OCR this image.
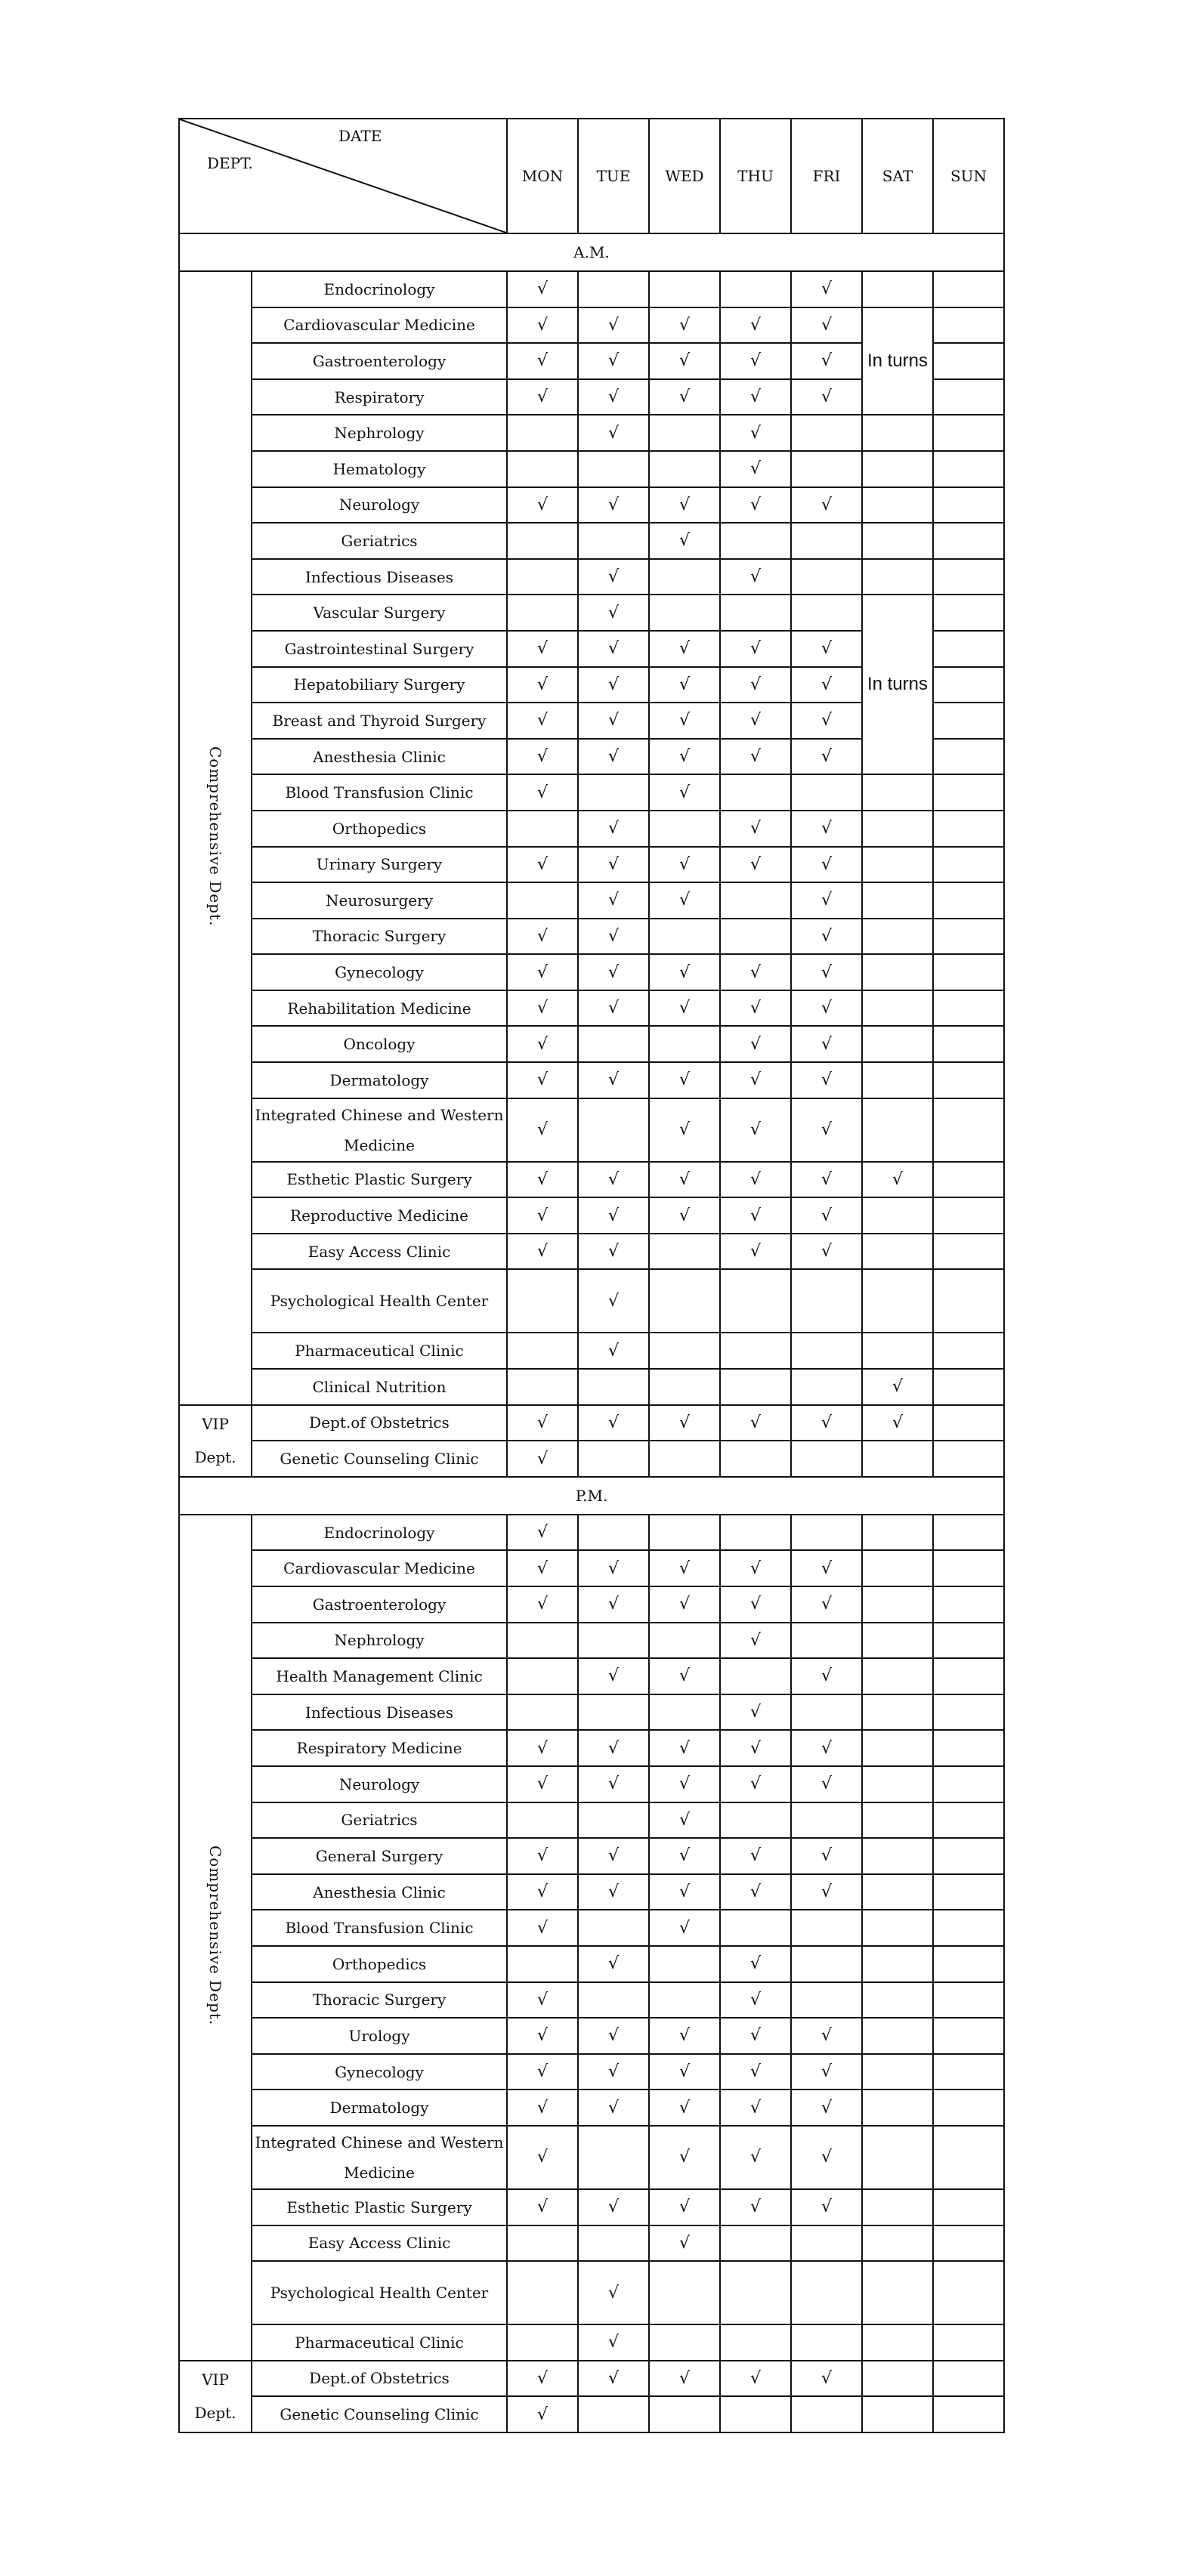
DATE
DEPT.		MON	TUE	WED	THU	FRI	SAT	SUN
A.M.								
Comprehensive Dept.	Endocrinology	√				√		
	Cardiovascular Medicine	√	√	√	√	√	In turns	
	Gastroenterology	√	√	√	√	√		
	Respiratory	√	√	√	√	√		
	Nephrology		√		√			
	Hematology				√			
	Neurology	√	√	√	√	√		
	Geriatrics			√				
	Infectious Diseases		√		√			
	Vascular Surgery		√				In turns	
	Gastrointestinal Surgery	√	√	√	√	√		
	Hepatobiliary Surgery	√	√	√	√	√		
	Breast and Thyroid Surgery	√	√	√	√	√		
	Anesthesia Clinic	√	√	√	√	√		
	Blood Transfusion Clinic	√		√				
	Orthopedics		√		√	√		
	Urinary Surgery	√	√	√	√	√		
	Neurosurgery		√	√		√		
	Thoracic Surgery	√	√			√		
	Gynecology	√	√	√	√	√		
	Rehabilitation Medicine	√	√	√	√	√		
	Oncology	√			√	√		
	Dermatology	√	√	√	√	√		
	Integrated Chinese and Western Medicine	√		√	√	√		
	Esthetic Plastic Surgery	√	√	√	√	√	√	
	Reproductive Medicine	√	√	√	√	√		
	Easy Access Clinic	√	√		√	√		
	Psychological Health Center		√					
	Pharmaceutical Clinic		√					
	Clinical Nutrition						√	
VIP Dept.	Dept.of Obstetrics	√	√	√	√	√	√	
	Genetic Counseling Clinic	√						
P.M.								
Comprehensive Dept.	Endocrinology	√						
	Cardiovascular Medicine	√	√	√	√	√		
	Gastroenterology	√	√	√	√	√		
	Nephrology				√			
	Health Management Clinic		√	√		√		
	Infectious Diseases				√			
	Respiratory Medicine	√	√	√	√	√		
	Neurology	√	√	√	√	√		
	Geriatrics			√				
	General Surgery	√	√	√	√	√		
	Anesthesia Clinic	√	√	√	√	√		
	Blood Transfusion Clinic	√		√				
	Orthopedics		√		√			
	Thoracic Surgery	√			√			
	Urology	√	√	√	√	√		
	Gynecology	√	√	√	√	√		
	Dermatology	√	√	√	√	√		
	Integrated Chinese and Western Medicine	√		√	√	√		
	Esthetic Plastic Surgery	√	√	√	√	√		
	Easy Access Clinic			√				
	Psychological Health Center		√					
	Pharmaceutical Clinic		√					
VIP Dept.	Dept.of Obstetrics	√	√	√	√	√		
	Genetic Counseling Clinic	√						
